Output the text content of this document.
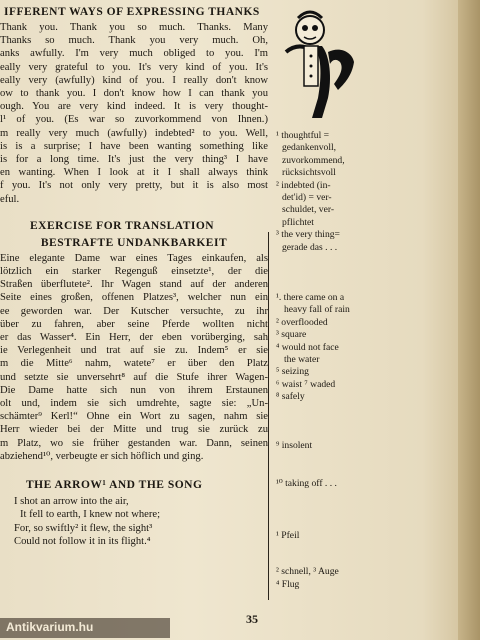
IFFERENT WAYS OF EXPRESSING THANKS

Thank you. Thank you so much. Thanks. Many

Thanks so much. Thank you very much. Oh,

anks awfully. I'm very much obliged to you. I'm

eally very grateful to you. It's very kind of you. It's

eally very (awfully) kind of you. I really don't know

ow to thank you. I don't know how I can thank you

ough. You are very kind indeed. It is very thought-

l¹ of you. (Es war so zuvorkommend von Ihnen.)

m really very much (awfully) indebted² to you. Well,

is is a surprise; I have been wanting something like

is for a long time. It's just the very thing³ I have

en wanting. When I look at it I shall always think

f you. It's not only very pretty, but it is also most

eful.

EXERCISE FOR TRANSLATION

BESTRAFTE UNDANKBARKEIT

Eine elegante Dame war eines Tages einkaufen, als

lötzlich ein starker Regenguß einsetzte¹, der die

Straßen überflutete². Ihr Wagen stand auf der anderen

Seite eines großen, offenen Platzes³, welcher nun ein

ee geworden war. Der Kutscher versuchte, zu ihr

über zu fahren, aber seine Pferde wollten nicht

er das Wasser⁴. Ein Herr, der eben vorüberging, sah

ie Verlegenheit und trat auf sie zu. Indem⁵ er sie

m die Mitte⁶ nahm, watete⁷ er über den Platz

und setzte sie unversehrt⁸ auf die Stufe ihrer Wagen-

Die Dame hatte sich nun von ihrem Erstaunen

olt und, indem sie sich umdrehte, sagte sie: „Un-

schämter⁹ Kerl!“ Ohne ein Wort zu sagen, nahm sie

Herr wieder bei der Mitte und trug sie zurück zu

m Platz, wo sie früher gestanden war. Dann, seinen

abziehend¹⁰, verbeugte er sich höflich und ging.

THE ARROW¹ AND THE SONG

I shot an arrow into the air,

It fell to earth, I knew not where;

For, so swiftly² it flew, the sight³

Could not follow it in its flight.⁴

¹ thoughtful =

gedankenvoll,

zuvorkommend,

rücksichtsvoll

² indebted (in-

det'id) = ver-

schuldet, ver-

pflichtet

³ the very thing=

gerade das . . .

¹. there came on a

heavy fall of rain

² overflooded

³ square

⁴ would not face

the water

⁵ seizing

⁶ waist ⁷ waded

⁸ safely

⁹ insolent

¹⁰ taking off . . .

¹ Pfeil

² schnell, ³ Auge

⁴ Flug

35
Antikvarium.hu
